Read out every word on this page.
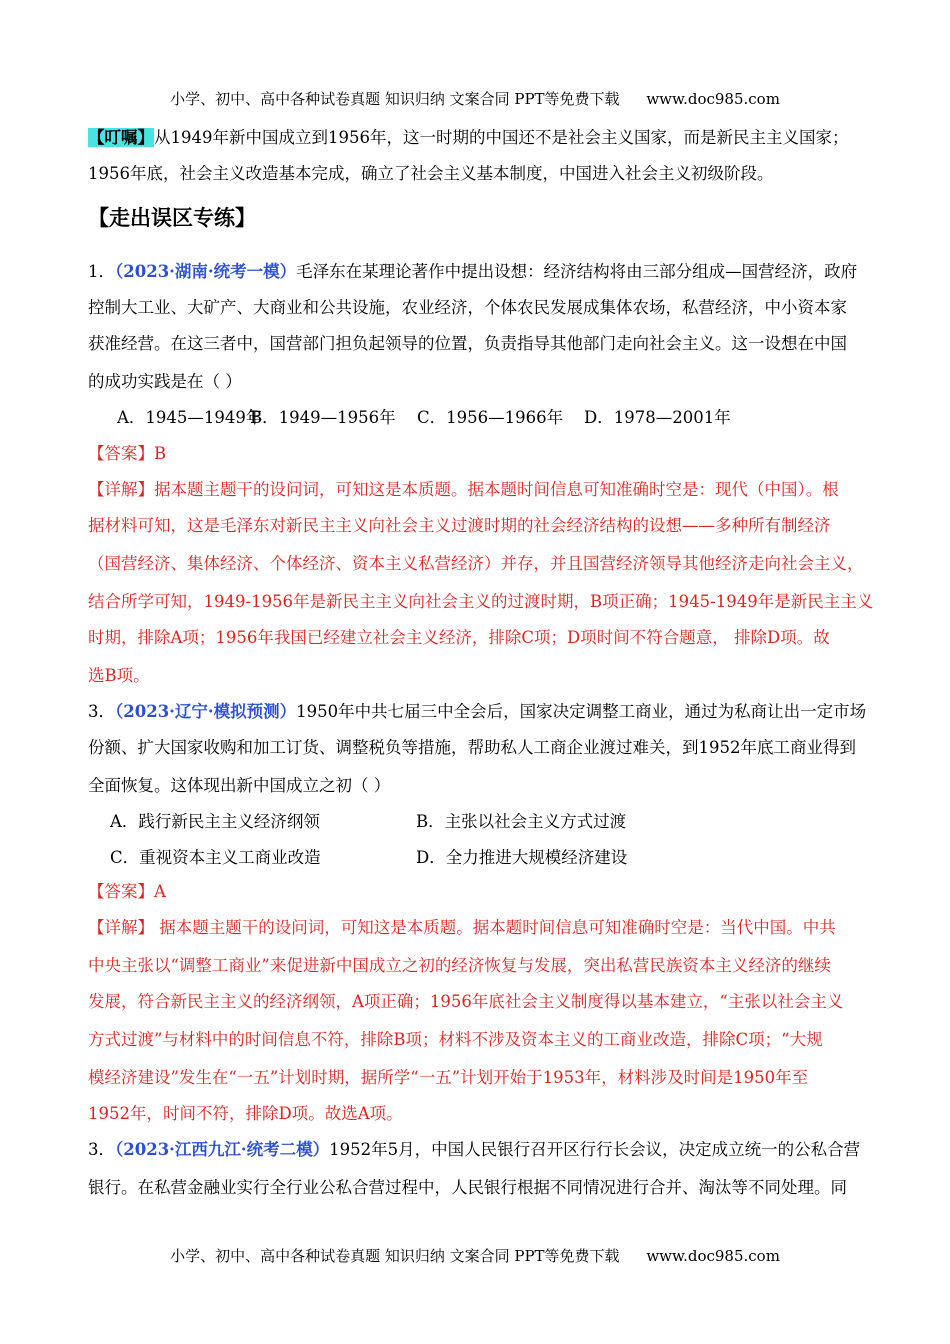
小学、初中、高中各种试卷真题 知识归纳 文案合同 PPT等免费下载 www.doc985.com
【叮嘱】从1949年新中国成立到1956年，这一时期的中国还不是社会主义国家，而是新民主主义国家；
1956年底，社会主义改造基本完成，确立了社会主义基本制度，中国进入社会主义初级阶段。
【走出误区专练】
1．（2023·湖南·统考一模）毛泽东在某理论著作中提出设想：经济结构将由三部分组成—国营经济，政府
控制大工业、大矿产、大商业和公共设施，农业经济，个体农民发展成集体农场，私营经济，中小资本家
获准经营。在这三者中，国营部门担负起领导的位置，负责指导其他部门走向社会主义。这一设想在中国
的成功实践是在（ ）
A．1945—1949年
B．1949—1956年 C．1956—1966年 D．1978—2001年
【答案】B
【详解】据本题主题干的设问词，可知这是本质题。据本题时间信息可知准确时空是：现代（中国）。根
据材料可知，这是毛泽东对新民主主义向社会主义过渡时期的社会经济结构的设想——多种所有制经济
（国营经济、集体经济、个体经济、资本主义私营经济）并存，并且国营经济领导其他经济走向社会主义，
结合所学可知，1949-1956年是新民主主义向社会主义的过渡时期，B项正确；1945-1949年是新民主主义
时期，排除A项；1956年我国已经建立社会主义经济，排除C项；D项时间不符合题意， 排除D项。故
选B项。
3．（2023·辽宁·模拟预测）1950年中共七届三中全会后，国家决定调整工商业，通过为私商让出一定市场
份额、扩大国家收购和加工订货、调整税负等措施，帮助私人工商企业渡过难关，到1952年底工商业得到
全面恢复。这体现出新中国成立之初（ ）
A．践行新民主主义经济纲领	B．主张以社会主义方式过渡
C．重视资本主义工商业改造	D．全力推进大规模经济建设
【答案】A
【详解】 据本题主题干的设问词，可知这是本质题。据本题时间信息可知准确时空是：当代中国。中共
中央主张以“调整工商业”来促进新中国成立之初的经济恢复与发展，突出私营民族资本主义经济的继续
发展，符合新民主主义的经济纲领，A项正确；1956年底社会主义制度得以基本建立，“主张以社会主义
方式过渡”与材料中的时间信息不符，排除B项；材料不涉及资本主义的工商业改造，排除C项；“大规
模经济建设”发生在“一五”计划时期，据所学“一五”计划开始于1953年，材料涉及时间是1950年至
1952年，时间不符，排除D项。故选A项。
3．（2023·江西九江·统考二模）1952年5月，中国人民银行召开区行行长会议，决定成立统一的公私合营
银行。在私营金融业实行全行业公私合营过程中，人民银行根据不同情况进行合并、淘汰等不同处理。同
小学、初中、高中各种试卷真题 知识归纳 文案合同 PPT等免费下载 www.doc985.com
